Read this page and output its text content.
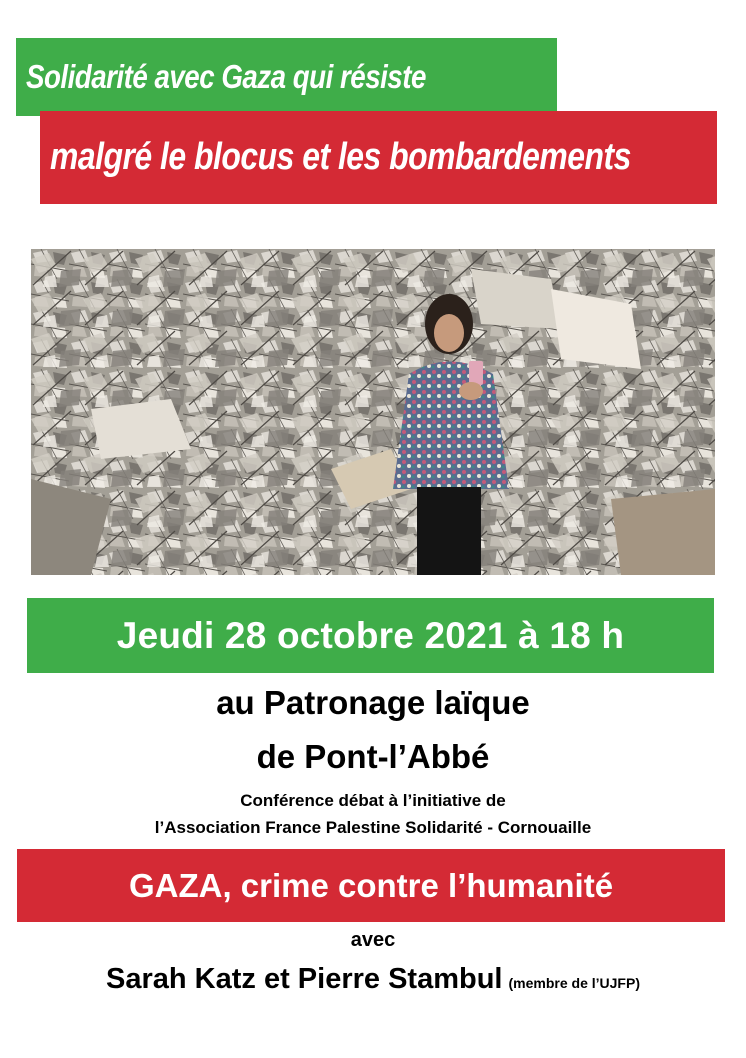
Solidarité avec Gaza qui résiste
malgré le blocus et les bombardements
Jeudi 28 octobre 2021 à 18 h
au Patronage laïque
de Pont-l’Abbé
Conférence débat à l’initiative de
l’Association France Palestine Solidarité - Cornouaille
GAZA, crime contre l’humanité
avec
Sarah Katz et Pierre Stambul (membre de l’UJFP)
